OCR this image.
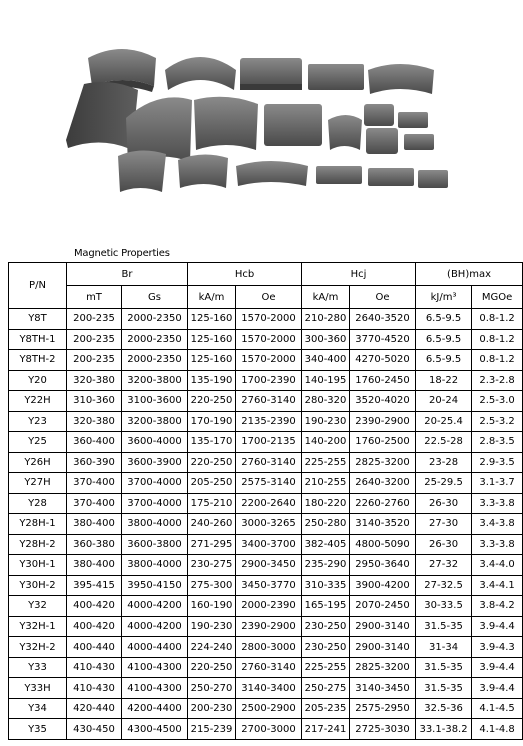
Magnetic Properties
P/N	Br		Hcb		Hcj		(BH)max	
	mT	Gs	kA/m	Oe	kA/m	Oe	kJ/m³	MGOe
Y8T	200-235	2000-2350	125-160	1570-2000	210-280	2640-3520	6.5-9.5	0.8-1.2
Y8TH-1	200-235	2000-2350	125-160	1570-2000	300-360	3770-4520	6.5-9.5	0.8-1.2
Y8TH-2	200-235	2000-2350	125-160	1570-2000	340-400	4270-5020	6.5-9.5	0.8-1.2
Y20	320-380	3200-3800	135-190	1700-2390	140-195	1760-2450	18-22	2.3-2.8
Y22H	310-360	3100-3600	220-250	2760-3140	280-320	3520-4020	20-24	2.5-3.0
Y23	320-380	3200-3800	170-190	2135-2390	190-230	2390-2900	20-25.4	2.5-3.2
Y25	360-400	3600-4000	135-170	1700-2135	140-200	1760-2500	22.5-28	2.8-3.5
Y26H	360-390	3600-3900	220-250	2760-3140	225-255	2825-3200	23-28	2.9-3.5
Y27H	370-400	3700-4000	205-250	2575-3140	210-255	2640-3200	25-29.5	3.1-3.7
Y28	370-400	3700-4000	175-210	2200-2640	180-220	2260-2760	26-30	3.3-3.8
Y28H-1	380-400	3800-4000	240-260	3000-3265	250-280	3140-3520	27-30	3.4-3.8
Y28H-2	360-380	3600-3800	271-295	3400-3700	382-405	4800-5090	26-30	3.3-3.8
Y30H-1	380-400	3800-4000	230-275	2900-3450	235-290	2950-3640	27-32	3.4-4.0
Y30H-2	395-415	3950-4150	275-300	3450-3770	310-335	3900-4200	27-32.5	3.4-4.1
Y32	400-420	4000-4200	160-190	2000-2390	165-195	2070-2450	30-33.5	3.8-4.2
Y32H-1	400-420	4000-4200	190-230	2390-2900	230-250	2900-3140	31.5-35	3.9-4.4
Y32H-2	400-440	4000-4400	224-240	2800-3000	230-250	2900-3140	31-34	3.9-4.3
Y33	410-430	4100-4300	220-250	2760-3140	225-255	2825-3200	31.5-35	3.9-4.4
Y33H	410-430	4100-4300	250-270	3140-3400	250-275	3140-3450	31.5-35	3.9-4.4
Y34	420-440	4200-4400	200-230	2500-2900	205-235	2575-2950	32.5-36	4.1-4.5
Y35	430-450	4300-4500	215-239	2700-3000	217-241	2725-3030	33.1-38.2	4.1-4.8
